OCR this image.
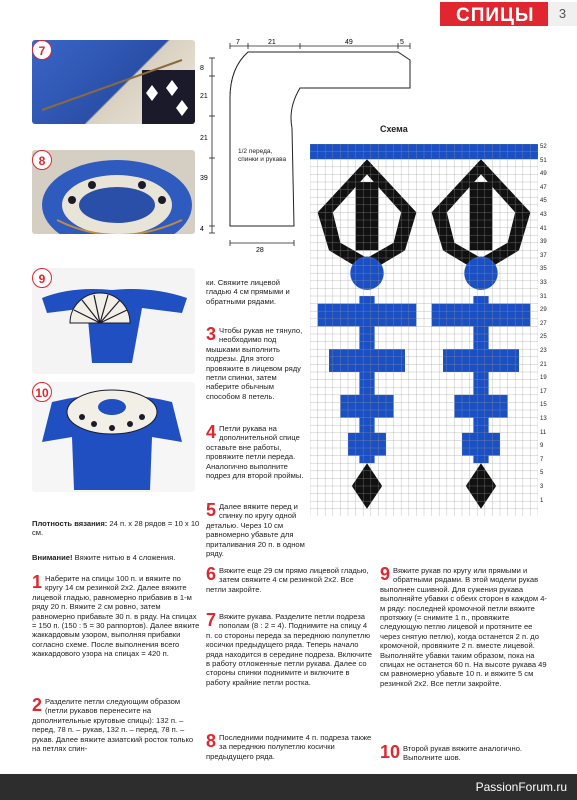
СПИЦЫ	3
7
8
9
10
7	21	49	5
8
21
21
39
4
28
1/2 переда, спинки и рукава
Схема
52
51
49
47
45
43
41
39
37
35
33
31
29
27
25
23
21
19
17
15
13
11
9
7
5
3
1
Плотность вязания: 24 п. х 28 рядов = 10 х 10 см.
Внимание! Вяжите нитью в 4 сложения.
1 Наберите на спицы 100 п. и вяжите по кругу 14 см резинкой 2х2. Далее вяжите лицевой гладью, равномерно прибавив в 1-м ряду 20 п. Вяжите 2 см ровно, затем равномерно прибавьте 30 п. в ряду. На спицах = 150 п. (150 : 5 = 30 раппортов). Далее вяжите жаккардовым узором, выполняя прибавки согласно схеме. После выполнения всего жаккардового узора на спицах = 420 п.
2 Разделите петли следующим образом (петли рукавов перенесите на дополнительные круговые спицы): 132 п. – перед, 78 п. – рукав, 132 п. – перед, 78 п. – рукав. Далее вяжите азиатский росток только на петлях спин-
ки. Свяжите лицевой гладью 4 см прямыми и обратными рядами.
3 Чтобы рукав не тянуло, необходимо под мышками выполнить подрезы. Для этого провяжите в лицевом ряду петли спинки, затем наберите обычным способом 8 петель.
4 Петли рукава на дополнительной спице оставьте вне работы, провяжите петли переда. Аналогично выполните подрез для второй проймы.
5 Далее вяжите перед и спинку по кругу одной деталью. Через 10 см равномерно убавьте для приталивания 20 п. в одном ряду.
6 Вяжите еще 29 см прямо лицевой гладью, затем свяжите 4 см резинкой 2х2. Все петли закройте.
7 Вяжите рукава. Разделите петли подреза пополам (8 : 2 = 4). Поднимите на спицу 4 п. со стороны переда за переднюю полупетлю косички предыдущего ряда. Теперь начало ряда находится в середине подреза. Включите в работу отложенные петли рукава. Далее со стороны спинки поднимите и включите в работу крайние петли ростка.
8 Последними поднимите 4 п. подреза также за переднюю полупетлю косички предыдущего ряда.
9 Вяжите рукав по кругу или прямыми и обратными рядами. В этой модели рукав выполнен сшивной. Для сужения рукава выполняйте убавки с обеих сторон в каждом 4-м ряду: последней кромочной петли вяжите протяжку (= снимите 1 п., провяжите следующую петлю лицевой и протяните ее через снятую петлю), когда останется 2 п. до кромочной, провяжите 2 п. вместе лицевой. Выполняйте убавки таким образом, пока на спицах не останется 60 п. На высоте рукава 49 см равномерно убавьте 10 п. и вяжите 5 см резинкой 2х2. Все петли закройте.
10 Второй рукав вяжите аналогично. Выполните шов.
PassionForum.ru
